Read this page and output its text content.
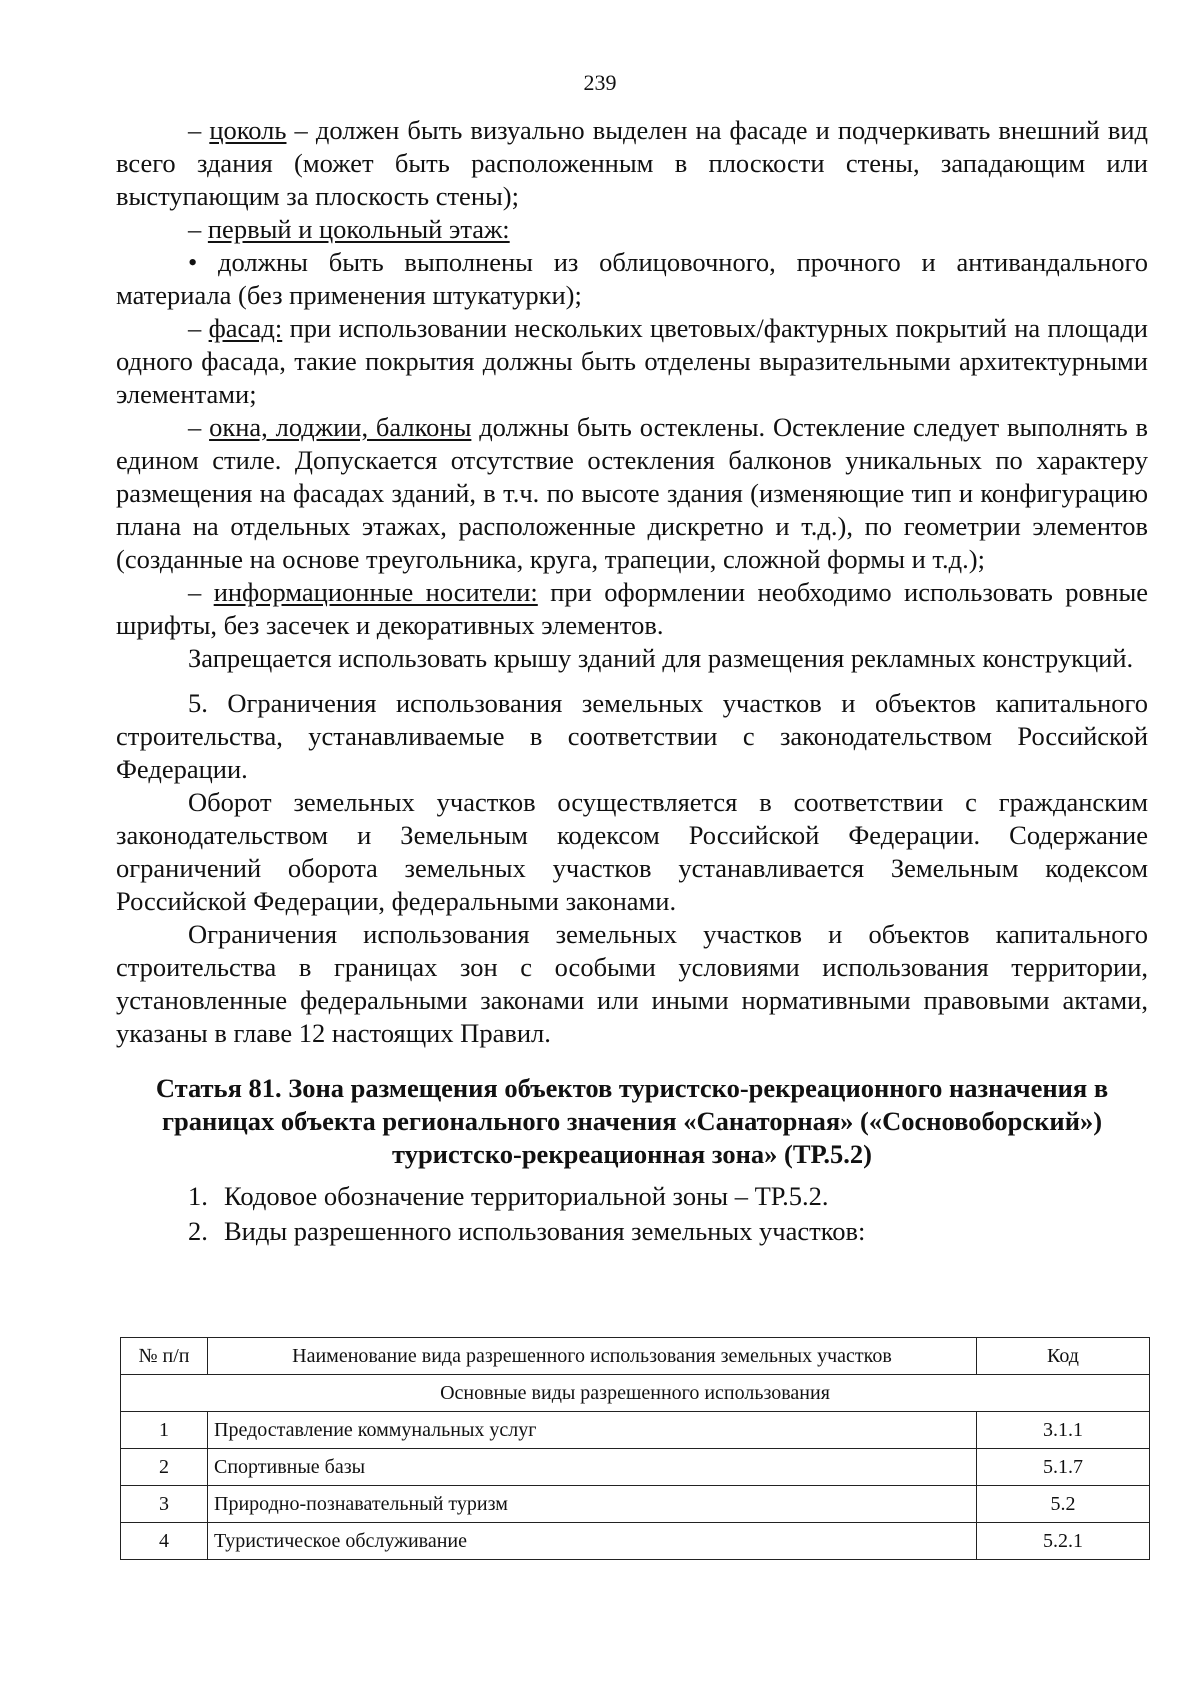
239

– цоколь – должен быть визуально выделен на фасаде и подчеркивать внешний вид всего здания (может быть расположенным в плоскости стены, западающим или выступающим за плоскость стены);

– первый и цокольный этаж:

• должны быть выполнены из облицовочного, прочного и антивандального материала (без применения штукатурки);

– фасад: при использовании нескольких цветовых/фактурных покрытий на площади одного фасада, такие покрытия должны быть отделены выразительными архитектурными элементами;

– окна, лоджии, балконы должны быть остеклены. Остекление следует выполнять в едином стиле. Допускается отсутствие остекления балконов уникальных по характеру размещения на фасадах зданий, в т.ч. по высоте здания (изменяющие тип и конфигурацию плана на отдельных этажах, расположенные дискретно и т.д.), по геометрии элементов (созданные на основе треугольника, круга, трапеции, сложной формы и т.д.);

– информационные носители: при оформлении необходимо использовать ровные шрифты, без засечек и декоративных элементов.

Запрещается использовать крышу зданий для размещения рекламных конструкций.

5. Ограничения использования земельных участков и объектов капитального строительства, устанавливаемые в соответствии с законодательством Российской Федерации.

Оборот земельных участков осуществляется в соответствии с гражданским законодательством и Земельным кодексом Российской Федерации. Содержание ограничений оборота земельных участков устанавливается Земельным кодексом Российской Федерации, федеральными законами.

Ограничения использования земельных участков и объектов капитального строительства в границах зон с особыми условиями использования территории, установленные федеральными законами или иными нормативными правовыми актами, указаны в главе 12 настоящих Правил.

Статья 81. Зона размещения объектов туристско-рекреационного назначения в границах объекта регионального значения «Санаторная» («Сосновоборский») туристско-рекреационная зона» (ТР.5.2)
1. Кодовое обозначение территориальной зоны – ТР.5.2.
2. Виды разрешенного использования земельных участков:
№ п/п	Наименование вида разрешенного использования земельных участков	Код
Основные виды разрешенного использования		
1	Предоставление коммунальных услуг	3.1.1
2	Спортивные базы	5.1.7
3	Природно-познавательный туризм	5.2
4	Туристическое обслуживание	5.2.1
